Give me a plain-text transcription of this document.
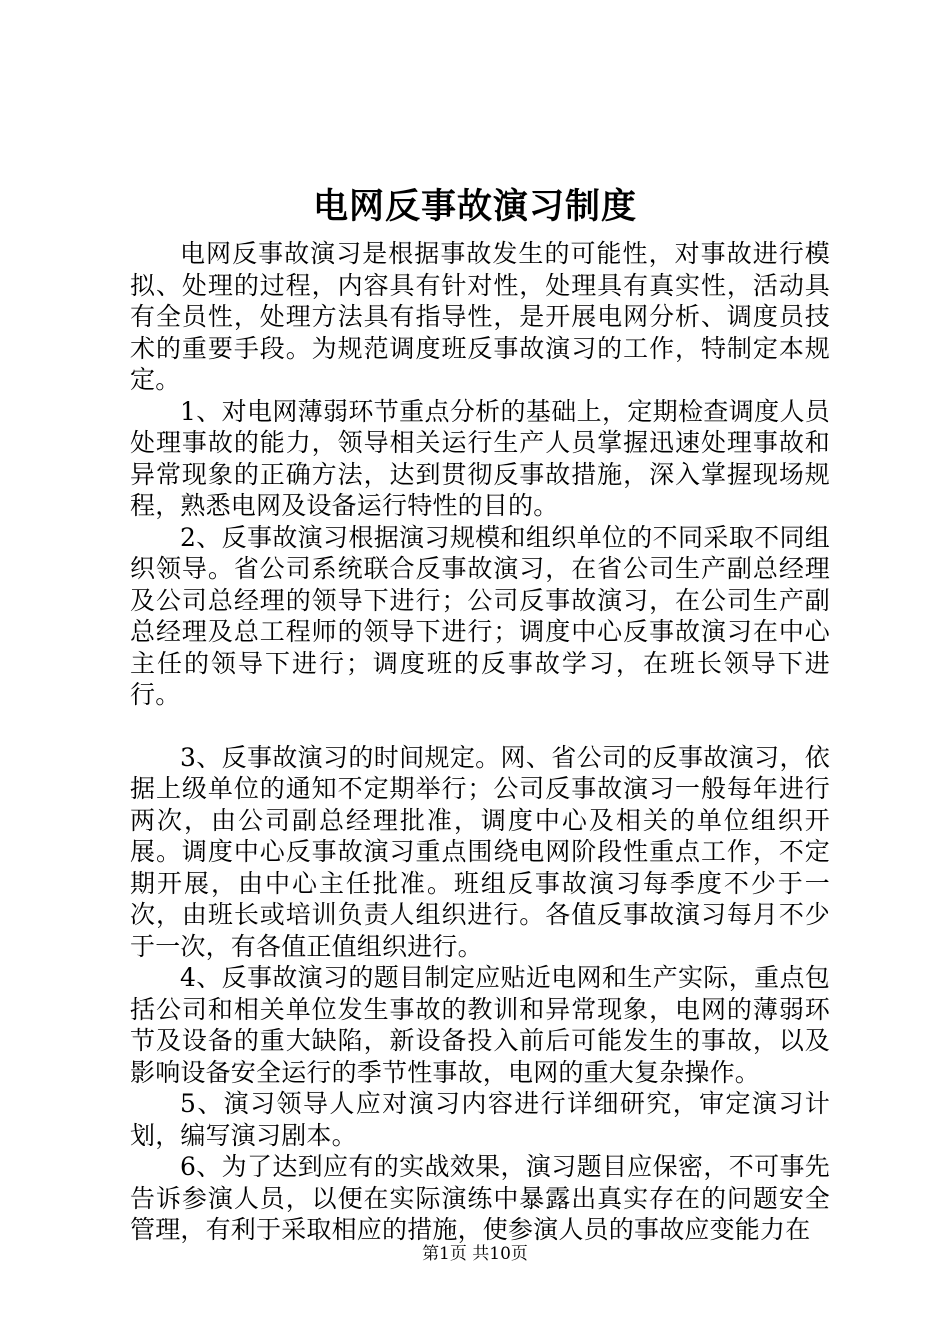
电网反事故演习制度

电网反事故演习是根据事故发生的可能性，对事故进行模拟、处理的过程，内容具有针对性，处理具有真实性，活动具有全员性，处理方法具有指导性，是开展电网分析、调度员技术的重要手段。为规范调度班反事故演习的工作，特制定本规定。

1、对电网薄弱环节重点分析的基础上，定期检查调度人员处理事故的能力，领导相关运行生产人员掌握迅速处理事故和异常现象的正确方法，达到贯彻反事故措施，深入掌握现场规程，熟悉电网及设备运行特性的目的。

2、反事故演习根据演习规模和组织单位的不同采取不同组织领导。省公司系统联合反事故演习，在省公司生产副总经理及公司总经理的领导下进行；公司反事故演习，在公司生产副总经理及总工程师的领导下进行；调度中心反事故演习在中心主任的领导下进行；调度班的反事故学习，在班长领导下进行。

3、反事故演习的时间规定。网、省公司的反事故演习，依据上级单位的通知不定期举行；公司反事故演习一般每年进行两次，由公司副总经理批准，调度中心及相关的单位组织开展。调度中心反事故演习重点围绕电网阶段性重点工作，不定期开展，由中心主任批准。班组反事故演习每季度不少于一次，由班长或培训负责人组织进行。各值反事故演习每月不少于一次，有各值正值组织进行。

4、反事故演习的题目制定应贴近电网和生产实际，重点包括公司和相关单位发生事故的教训和异常现象，电网的薄弱环节及设备的重大缺陷，新设备投入前后可能发生的事故，以及影响设备安全运行的季节性事故，电网的重大复杂操作。

5、演习领导人应对演习内容进行详细研究，审定演习计划，编写演习剧本。

6、为了达到应有的实战效果，演习题目应保密，不可事先告诉参演人员，以便在实际演练中暴露出真实存在的问题安全管理，有利于采取相应的措施，使参演人员的事故应变能力在

第1页 共10页
